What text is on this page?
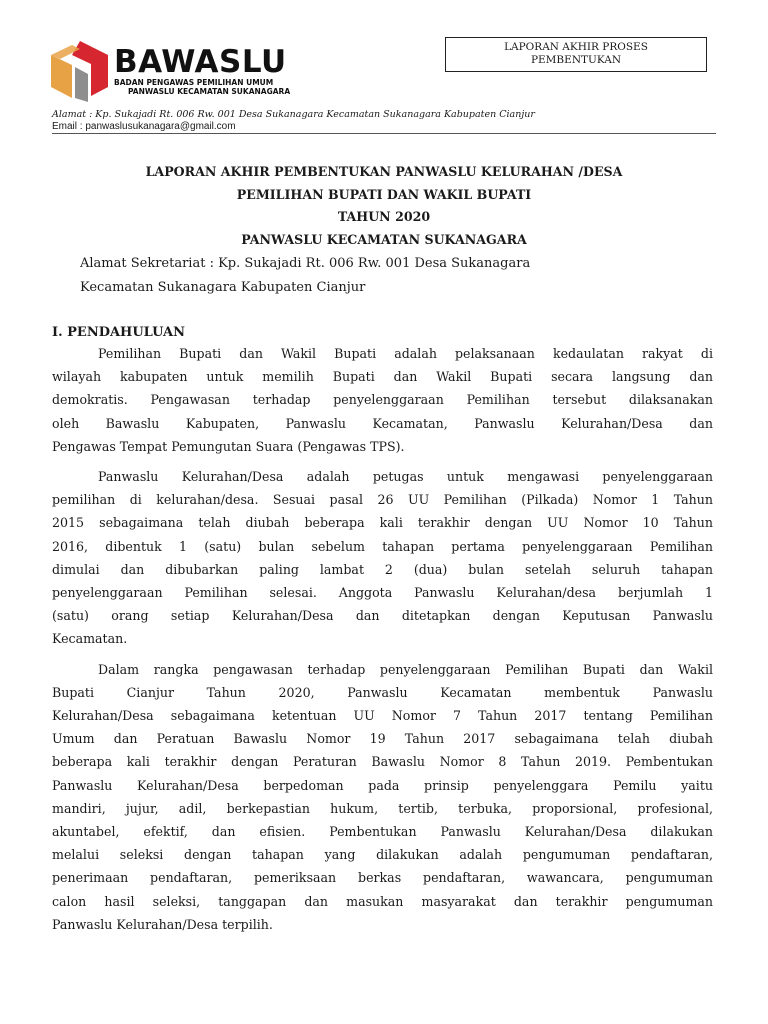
BAWASLU
BADAN PENGAWAS PEMILIHAN UMUM
PANWASLU KECAMATAN SUKANAGARA
LAPORAN AKHIR PROSES
PEMBENTUKAN
Alamat : Kp. Sukajadi Rt. 006 Rw. 001 Desa Sukanagara Kecamatan Sukanagara Kabupaten Cianjur
Email : panwaslusukanagara@gmail.com
LAPORAN AKHIR PEMBENTUKAN PANWASLU KELURAHAN /DESA
PEMILIHAN BUPATI DAN WAKIL BUPATI
TAHUN 2020
PANWASLU KECAMATAN SUKANAGARA
Alamat Sekretariat : Kp. Sukajadi Rt. 006 Rw. 001 Desa Sukanagara
Kecamatan Sukanagara Kabupaten Cianjur
I. PENDAHULUAN

Pemilihan Bupati dan Wakil Bupati adalah pelaksanaan kedaulatan rakyat di
wilayah kabupaten untuk memilih Bupati dan Wakil Bupati secara langsung dan
demokratis. Pengawasan terhadap penyelenggaraan Pemilihan tersebut dilaksanakan
oleh Bawaslu Kabupaten, Panwaslu Kecamatan, Panwaslu Kelurahan/Desa dan
Pengawas Tempat Pemungutan Suara (Pengawas TPS).

Panwaslu Kelurahan/Desa adalah petugas untuk mengawasi penyelenggaraan
pemilihan di kelurahan/desa. Sesuai pasal 26 UU Pemilihan (Pilkada) Nomor 1 Tahun
2015 sebagaimana telah diubah beberapa kali terakhir dengan UU Nomor 10 Tahun
2016, dibentuk 1 (satu) bulan sebelum tahapan pertama penyelenggaraan Pemilihan
dimulai dan dibubarkan paling lambat 2 (dua) bulan setelah seluruh tahapan
penyelenggaraan Pemilihan selesai. Anggota Panwaslu Kelurahan/desa berjumlah 1
(satu) orang setiap Kelurahan/Desa dan ditetapkan dengan Keputusan Panwaslu
Kecamatan.

Dalam rangka pengawasan terhadap penyelenggaraan Pemilihan Bupati dan Wakil
Bupati Cianjur Tahun 2020, Panwaslu Kecamatan membentuk Panwaslu
Kelurahan/Desa sebagaimana ketentuan UU Nomor 7 Tahun 2017 tentang Pemilihan
Umum dan Peratuan Bawaslu Nomor 19 Tahun 2017 sebagaimana telah diubah
beberapa kali terakhir dengan Peraturan Bawaslu Nomor 8 Tahun 2019. Pembentukan
Panwaslu Kelurahan/Desa berpedoman pada prinsip penyelenggara Pemilu yaitu
mandiri, jujur, adil, berkepastian hukum, tertib, terbuka, proporsional, profesional,
akuntabel, efektif, dan efisien. Pembentukan Panwaslu Kelurahan/Desa dilakukan
melalui seleksi dengan tahapan yang dilakukan adalah pengumuman pendaftaran,
penerimaan pendaftaran, pemeriksaan berkas pendaftaran, wawancara, pengumuman
calon hasil seleksi, tanggapan dan masukan masyarakat dan terakhir pengumuman
Panwaslu Kelurahan/Desa terpilih.
